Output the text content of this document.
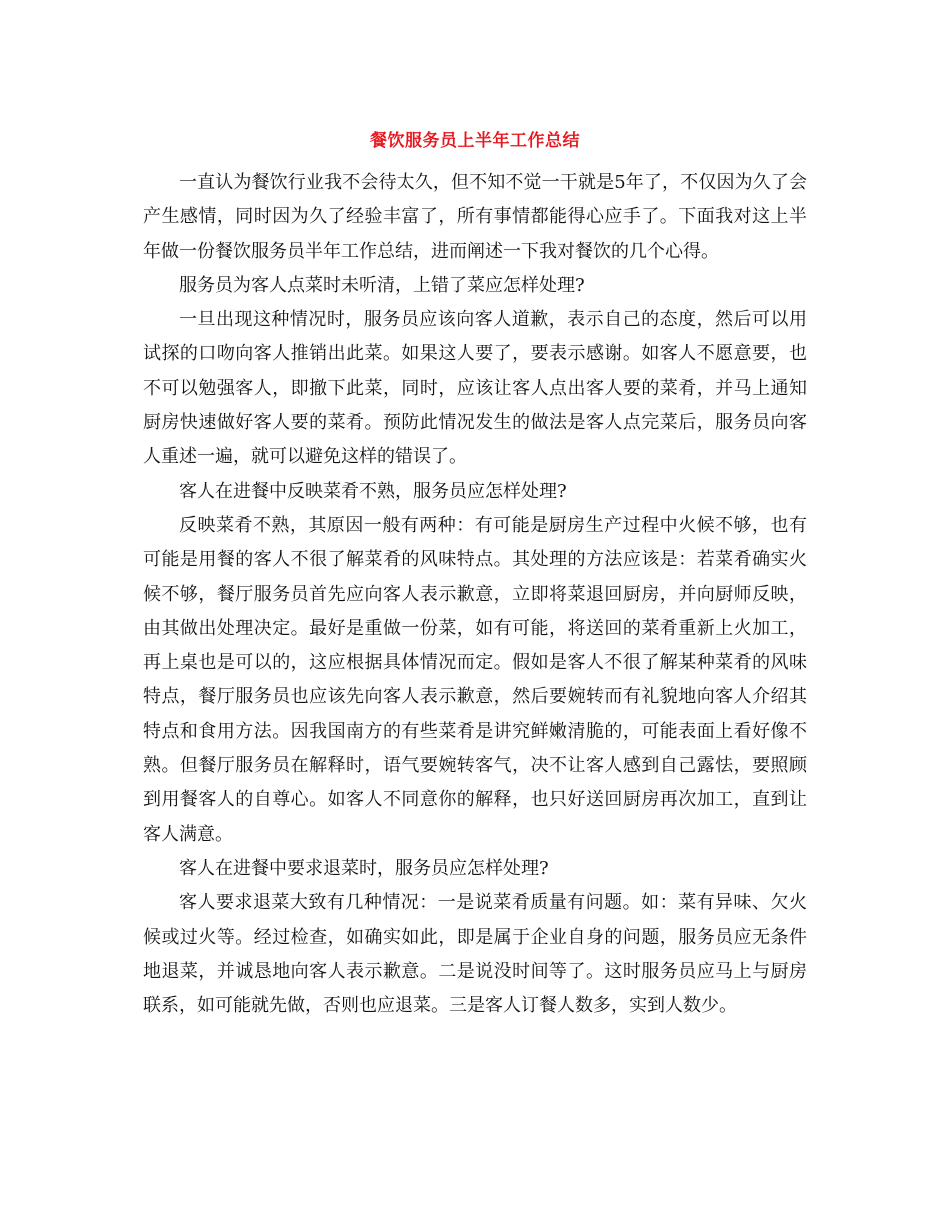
餐饮服务员上半年工作总结

一直认为餐饮行业我不会待太久，但不知不觉一干就是5年了，不仅因为久了会产生感情，同时因为久了经验丰富了，所有事情都能得心应手了。下面我对这上半年做一份餐饮服务员半年工作总结，进而阐述一下我对餐饮的几个心得。

服务员为客人点菜时未听清，上错了菜应怎样处理?

一旦出现这种情况时，服务员应该向客人道歉，表示自己的态度，然后可以用试探的口吻向客人推销出此菜。如果这人要了，要表示感谢。如客人不愿意要，也不可以勉强客人，即撤下此菜，同时，应该让客人点出客人要的菜肴，并马上通知厨房快速做好客人要的菜肴。预防此情况发生的做法是客人点完菜后，服务员向客人重述一遍，就可以避免这样的错误了。

客人在进餐中反映菜肴不熟，服务员应怎样处理?

反映菜肴不熟，其原因一般有两种：有可能是厨房生产过程中火候不够，也有可能是用餐的客人不很了解菜肴的风味特点。其处理的方法应该是：若菜肴确实火候不够，餐厅服务员首先应向客人表示歉意，立即将菜退回厨房，并向厨师反映，由其做出处理决定。最好是重做一份菜，如有可能，将送回的菜肴重新上火加工，再上桌也是可以的，这应根据具体情况而定。假如是客人不很了解某种菜肴的风味特点，餐厅服务员也应该先向客人表示歉意，然后要婉转而有礼貌地向客人介绍其特点和食用方法。因我国南方的有些菜肴是讲究鲜嫩清脆的，可能表面上看好像不熟。但餐厅服务员在解释时，语气要婉转客气，决不让客人感到自己露怯，要照顾到用餐客人的自尊心。如客人不同意你的解释，也只好送回厨房再次加工，直到让客人满意。

客人在进餐中要求退菜时，服务员应怎样处理?

客人要求退菜大致有几种情况：一是说菜肴质量有问题。如：菜有异味、欠火候或过火等。经过检查，如确实如此，即是属于企业自身的问题，服务员应无条件地退菜，并诚恳地向客人表示歉意。二是说没时间等了。这时服务员应马上与厨房联系，如可能就先做，否则也应退菜。三是客人订餐人数多，实到人数少。
